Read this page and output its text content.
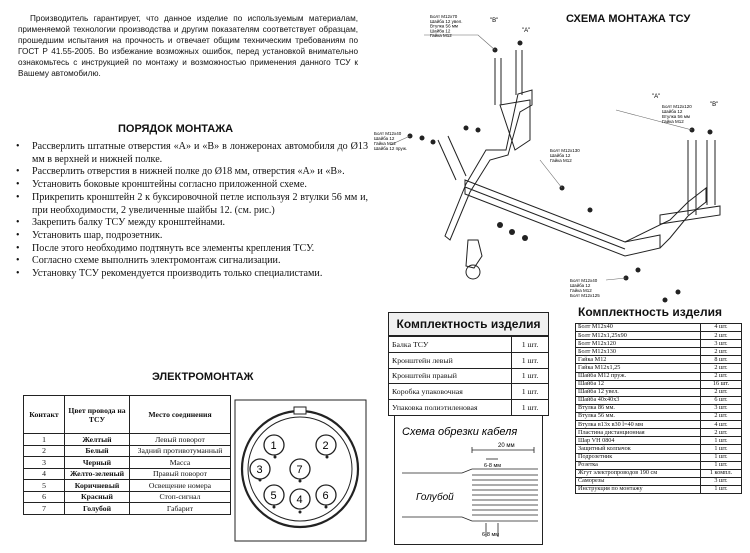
Производитель гарантирует, что данное изделие по используемым материалам, применяемой технологии производства и другим показателям соответствует образцам, прошедшим испытания на прочность и отвечает общим техническим требованиям по ГОСТ Р 41.55-2005. Во избежание возможных ошибок, перед установкой внимательно ознакомьтесь с инструкцией по монтажу и возможностью применения данного ТСУ к Вашему автомобилю.

ПОРЯДОК МОНТАЖА
• Рассверлить штатные отверстия «А» и «В» в лонжеронах автомобиля до Ø13 мм в верхней и нижней полке.
• Рассверлить отверстия в нижней полке до Ø18 мм, отверстия «А» и «В».
• Установить боковые кронштейны согласно приложенной схеме.
• Прикрепить кронштейн 2 к буксировочной петле используя 2 втулки 56 мм и, при необходимости, 2 увеличенные шайбы 12. (см. рис.)
• Закрепить балку ТСУ между кронштейнами.
• Установить шар, подрозетник.
• После этого необходимо подтянуть все элементы крепления ТСУ.
• Согласно схеме выполнить электромонтаж сигнализации.
• Установку ТСУ рекомендуется производить только специалистами.
ЭЛЕКТРОМОНТАЖ
Контакт	Цвет провода на ТСУ	Место соединения
1	Желтый	Левый поворот
2	Белый	Задний противотуманный
3	Черный	Масса
4	Желто-зеленый	Правый поворот
5	Коричневый	Освещение номера
6	Красный	Стоп-сигнал
7	Голубой	Габарит
1	2
3
4
5	6
7
СХЕМА МОНТАЖА ТСУ
"В"
"А"
"А"
"В"
Болт М12х70
Шайба 12 увел.
Втулка 56 мм
Шайба 12
Гайка М12
Болт М12х40
Шайба 12
Гайка М12
Шайба 12 пруж.	Болт М12х130
Шайба 12
Гайка М12
Болт М12х120
Шайба 12
Втулка 56 мм
Гайка М12
Болт М12х40
Шайба 12
Гайка М12
Болт М12х125
Комплектность изделия
Балка ТСУ	1 шт.
Кронштейн левый	1 шт.
Кронштейн правый	1 шт.
Коробка упаковочная	1 шт.
Упаковка полиэтиленовая	1 шт.
Схема обрезки кабеля
20 мм
6-8 мм
Голубой
6-8 мм
Комплектность изделия
Болт М12х40	4 шт.
Болт М12х1,25х90	2 шт.
Болт М12х120	3 шт.
Болт М12х130	2 шт.
Гайка М12	8 шт.
Гайка М12х1,25	2 шт.
Шайба М12 пруж.	2 шт.
Шайба 12	16 шт.
Шайба 12 увел.	2 шт.
Шайба 40х40х3	6 шт.
Втулка 86 мм.	3 шт.
Втулка 56 мм.	2 шт.
Втулка в13х в30 l=40 мм	4 шт.
Пластина дистанционная	2 шт.
Шар VH 0804	1 шт.
Защитный колпачок	1 шт.
Подрозетник	1 шт.
Розетка	1 шт.
Жгут электропроводов 190 см	1 компл.
Саморезы	3 шт.
Инструкция по монтажу	1 шт.
